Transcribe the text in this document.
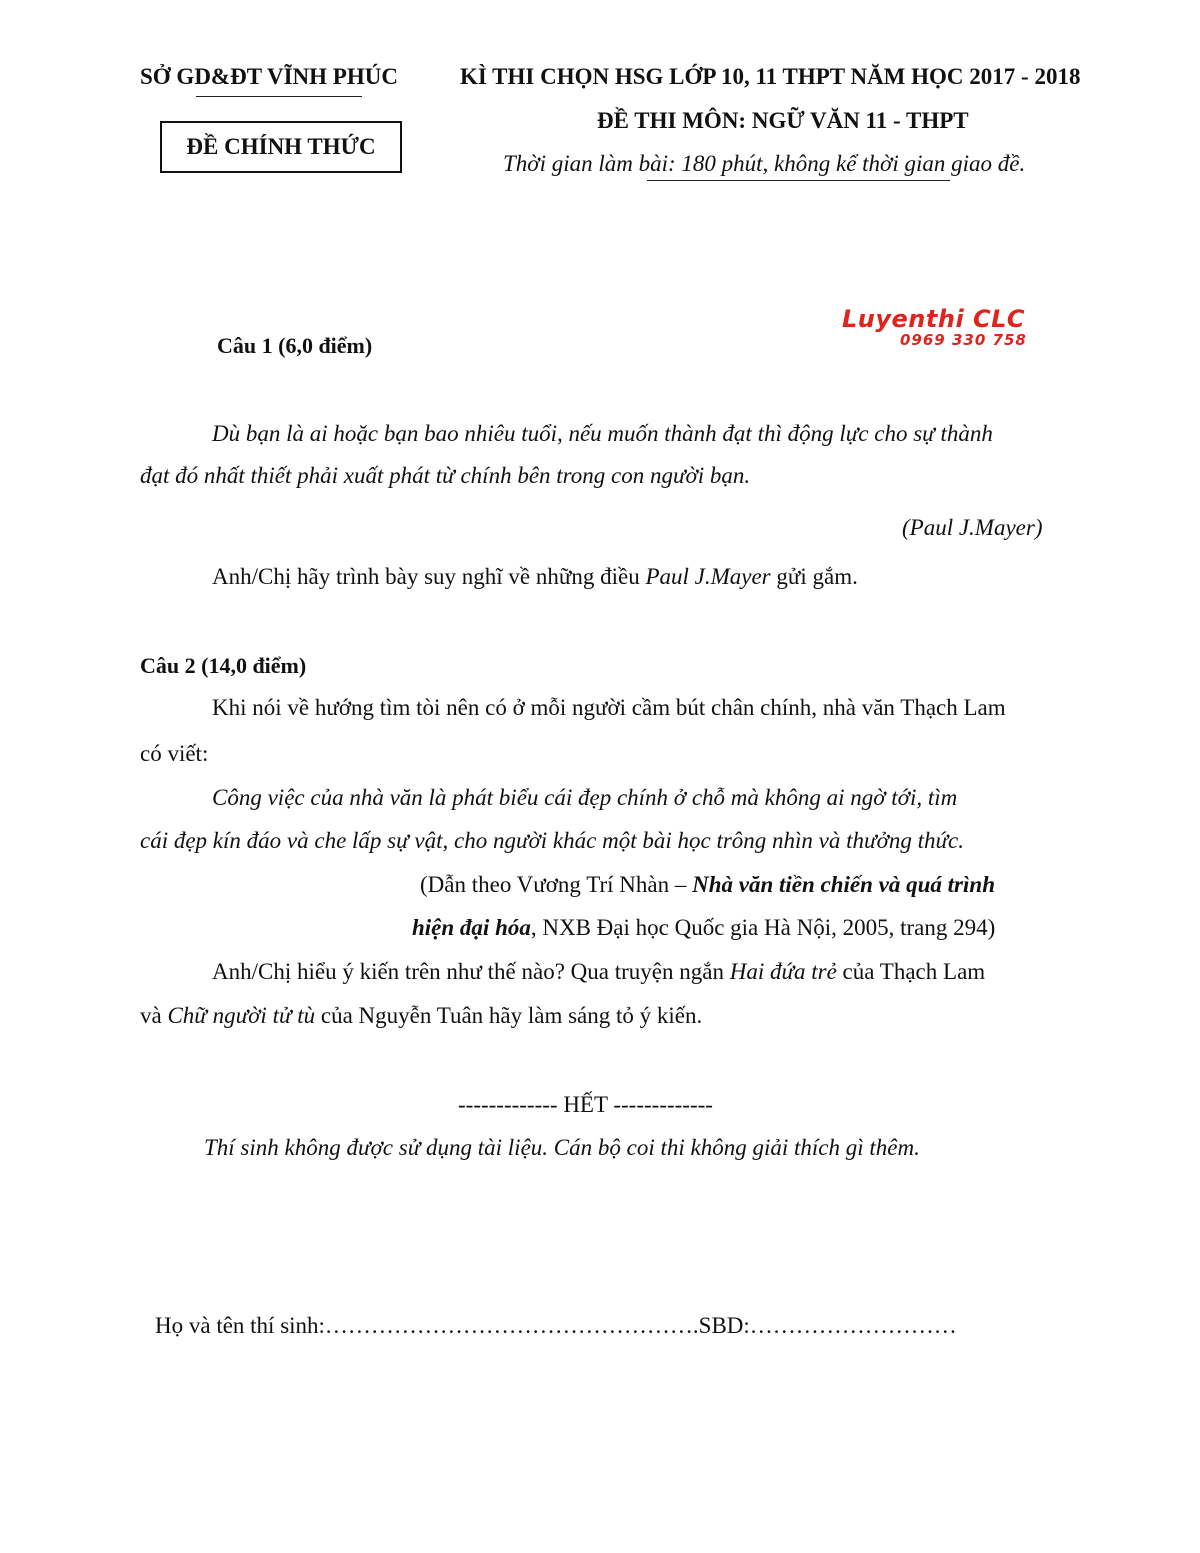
SỞ GD&ĐT VĨNH PHÚC
ĐỀ CHÍNH THỨC
KÌ THI CHỌN HSG LỚP 10, 11 THPT NĂM HỌC 2017 - 2018
ĐỀ THI MÔN: NGỮ VĂN 11 - THPT
Thời gian làm bài: 180 phút, không kể thời gian giao đề.
Luyenthi CLC
0969 330 758
Câu 1 (6,0 điểm)
Dù bạn là ai hoặc bạn bao nhiêu tuổi, nếu muốn thành đạt thì động lực cho sự thành
đạt đó nhất thiết phải xuất phát từ chính bên trong con người bạn.
(Paul J.Mayer)
Anh/Chị hãy trình bày suy nghĩ về những điều Paul J.Mayer gửi gắm.
Câu 2 (14,0 điểm)
Khi nói về hướng tìm tòi nên có ở mỗi người cầm bút chân chính, nhà văn Thạch Lam
có viết:
Công việc của nhà văn là phát biểu cái đẹp chính ở chỗ mà không ai ngờ tới, tìm
cái đẹp kín đáo và che lấp sự vật, cho người khác một bài học trông nhìn và thưởng thức.
(Dẫn theo Vương Trí Nhàn – Nhà văn tiền chiến và quá trình
hiện đại hóa, NXB Đại học Quốc gia Hà Nội, 2005, trang 294)
Anh/Chị hiểu ý kiến trên như thế nào? Qua truyện ngắn Hai đứa trẻ của Thạch Lam
và Chữ người tử tù của Nguyễn Tuân hãy làm sáng tỏ ý kiến.
------------- HẾT -------------
Thí sinh không được sử dụng tài liệu. Cán bộ coi thi không giải thích gì thêm.
Họ và tên thí sinh:………………………………………….SBD:………………………
